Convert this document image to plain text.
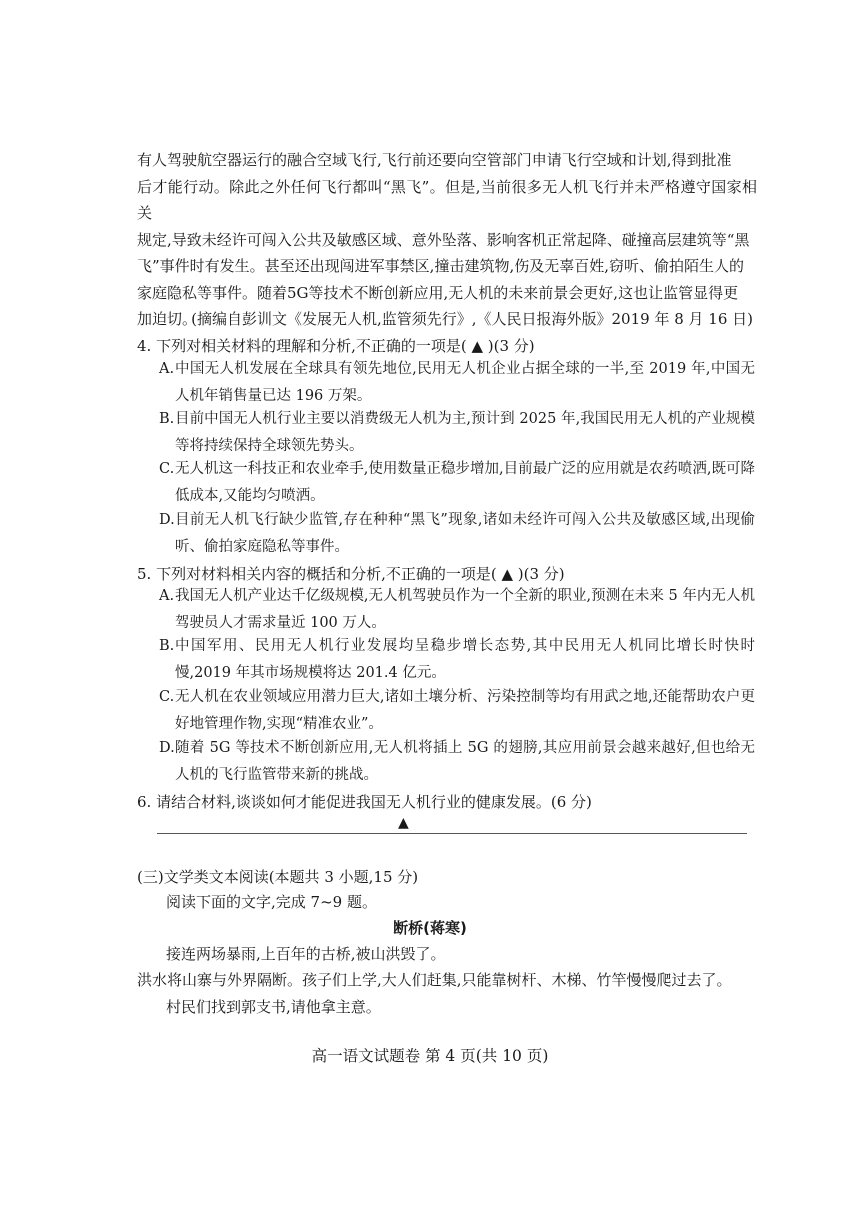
有人驾驶航空器运行的融合空域飞行,飞行前还要向空管部门申请飞行空域和计划,得到批准

后才能行动。除此之外任何飞行都叫“黑飞”。但是,当前很多无人机飞行并未严格遵守国家相关

规定,导致未经许可闯入公共及敏感区域、意外坠落、影响客机正常起降、碰撞高层建筑等“黑

飞”事件时有发生。甚至还出现闯进军事禁区,撞击建筑物,伤及无辜百姓,窃听、偷拍陌生人的

家庭隐私等事件。随着5G等技术不断创新应用,无人机的未来前景会更好,这也让监管显得更

加迫切。

(摘编自彭训文《发展无人机,监管须先行》,《人民日报海外版》2019 年 8 月 16 日)
4. 下列对相关材料的理解和分析,不正确的一项是( ▲ )(3 分)
A. 中国无人机发展在全球具有领先地位,民用无人机企业占据全球的一半,至 2019 年,中国无人机年销售量已达 196 万架。
B. 目前中国无人机行业主要以消费级无人机为主,预计到 2025 年,我国民用无人机的产业规模等将持续保持全球领先势头。
C. 无人机这一科技正和农业牵手,使用数量正稳步增加,目前最广泛的应用就是农药喷洒,既可降低成本,又能均匀喷洒。
D. 目前无人机飞行缺少监管,存在种种“黑飞”现象,诸如未经许可闯入公共及敏感区域,出现偷听、偷拍家庭隐私等事件。
5. 下列对材料相关内容的概括和分析,不正确的一项是( ▲ )(3 分)
A. 我国无人机产业达千亿级规模,无人机驾驶员作为一个全新的职业,预测在未来 5 年内无人机驾驶员人才需求量近 100 万人。
B. 中国军用、民用无人机行业发展均呈稳步增长态势,其中民用无人机同比增长时快时慢,2019 年其市场规模将达 201.4 亿元。
C. 无人机在农业领域应用潜力巨大,诸如土壤分析、污染控制等均有用武之地,还能帮助农户更好地管理作物,实现“精准农业”。
D. 随着 5G 等技术不断创新应用,无人机将插上 5G 的翅膀,其应用前景会越来越好,但也给无人机的飞行监管带来新的挑战。
6. 请结合材料,谈谈如何才能促进我国无人机行业的健康发展。(6 分)
▲
(三)文学类文本阅读(本题共 3 小题,15 分)
阅读下面的文字,完成 7~9 题。
断桥(蒋寒)
接连两场暴雨,上百年的古桥,被山洪毁了。
洪水将山寨与外界隔断。孩子们上学,大人们赶集,只能靠树杆、木梯、竹竿慢慢爬过去了。
村民们找到郭支书,请他拿主意。
高一语文试题卷 第 4 页(共 10 页)
